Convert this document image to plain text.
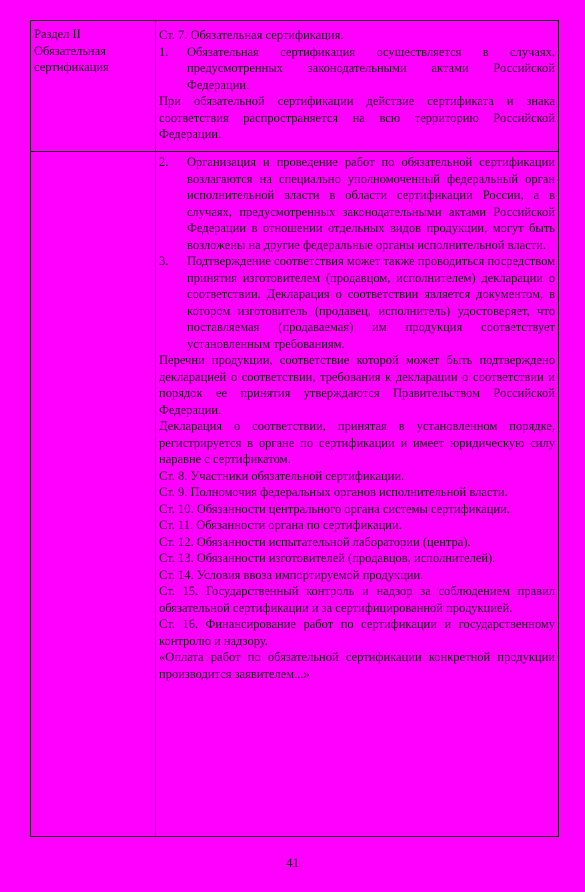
Раздел II
Обязательная сертификация

Ст. 7. Обязательная сертификация.

1. Обязательная сертификация осуществляется в случаях, предусмотренных законодательными актами Российской Федерации.

При обязательной сертификации действие сертификата и знака соответствия распространяется на всю территорию Российской Федерации.

2. Организация и проведение работ по обязательной сертификации возлагаются на специально уполномоченный федеральный орган исполнительной власти в области сертификации России, а в случаях, предусмотренных законодательными актами Российской Федерации в отношении отдельных видов продукции, могут быть возложены на другие федеральные органы исполнительной власти.

3. Подтверждение соответствия может также проводиться посредством принятия изготовителем (продавцом, исполнителем) декларации о соответствии. Декларация о соответствии является документом, в котором изготовитель (продавец, исполнитель) удостоверяет, что поставляемая (продаваемая) им продукция соответствует установленным требованиям.

Перечни продукции, соответствие которой может быть подтверждено декларацией о соответствии, требования к декларации о соответствии и порядок ее принятия утверждаются Правительством Российской Федерации.

Декларация о соответствии, принятая в установленном порядке, регистрируется в органе по сертификации и имеет юридическую силу наравне с сертификатом.

Ст. 8. Участники обязательной сертификации.

Ст. 9. Полномочия федеральных органов исполнительной власти.

Ст. 10. Обязанности центрального органа системы сертификации.

Ст. 11. Обязанности органа по сертификации.

Ст. 12. Обязанности испытательной лаборатории (центра).

Ст. 13. Обязанности изготовителей (продавцов, исполнителей).

Ст. 14. Условия ввоза импортируемой продукции.

Ст. 15. Государственный контроль и надзор за соблюдением правил обязательной сертификации и за сертифицированной продукцией.

Ст. 16. Финансирование работ по сертификации и государственному контролю и надзору.

«Оплата работ по обязательной сертификации конкретной продукции производится заявителем...»

41
